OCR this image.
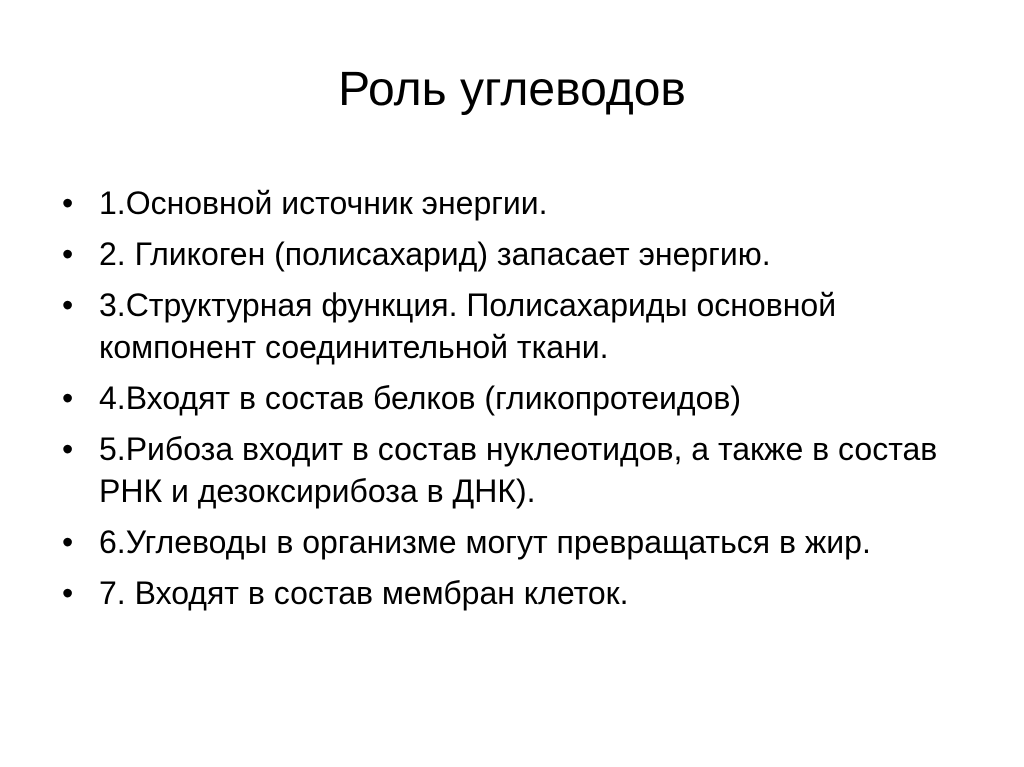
Роль углеводов
• 1.Основной источник энергии.
• 2. Гликоген (полисахарид) запасает энергию.
• 3.Структурная функция. Полисахариды основной компонент соединительной ткани.
• 4.Входят в состав белков (гликопротеидов)
• 5.Рибоза входит в состав нуклеотидов, а также в состав РНК и дезоксирибоза в ДНК).
• 6.Углеводы в организме могут превращаться в жир.
• 7. Входят в состав мембран клеток.
